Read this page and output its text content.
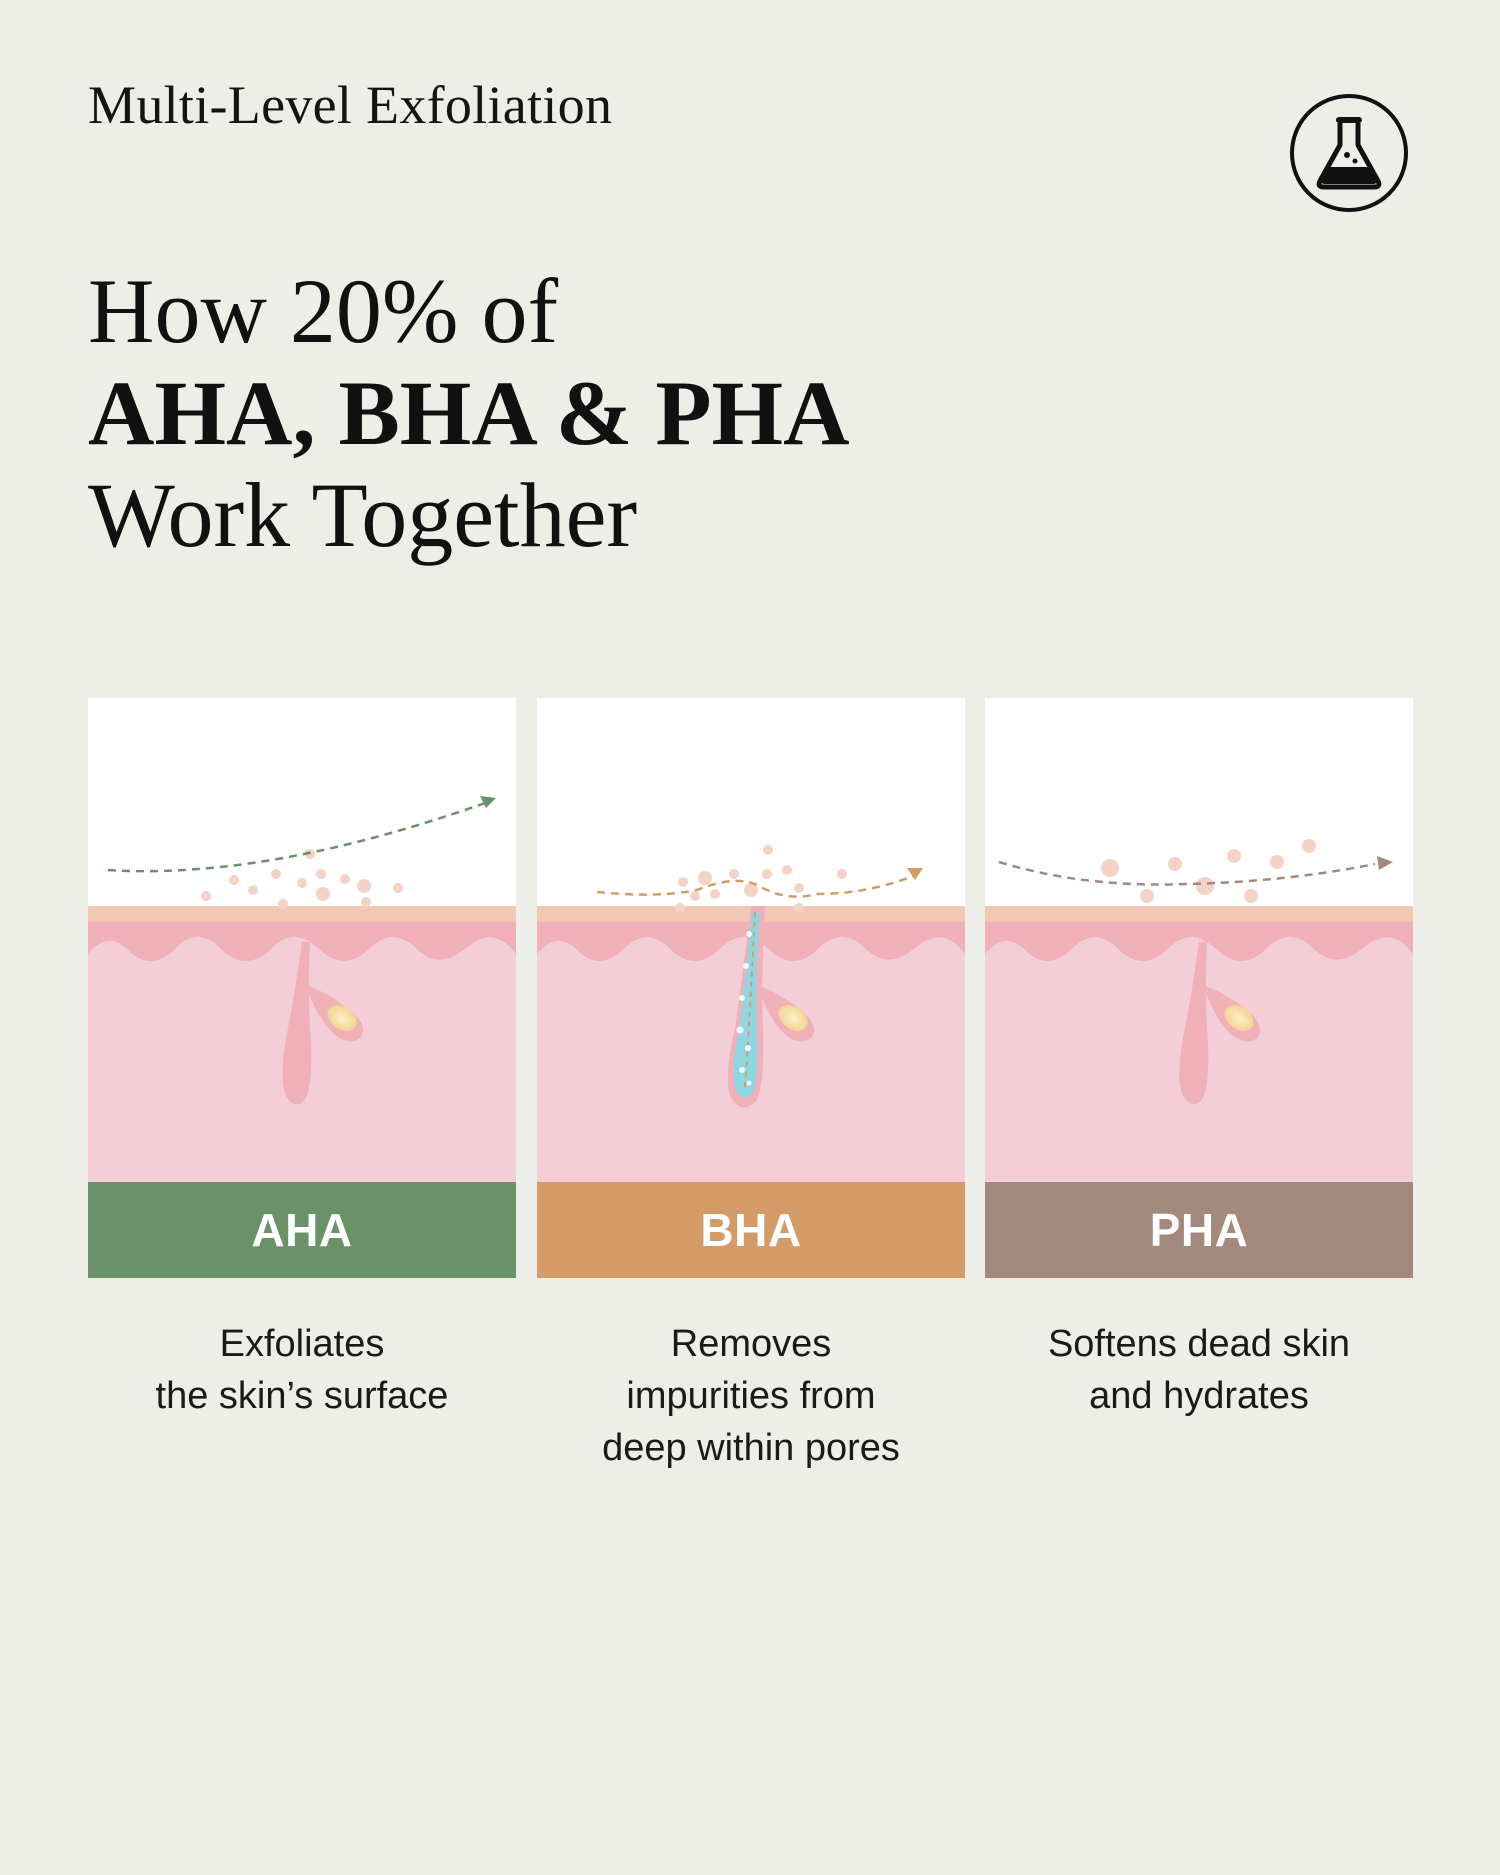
Multi-Level Exfoliation
How 20% of
AHA, BHA & PHA
Work Together
AHA	BHA	PHA
Exfoliates
the skin’s surface
Removes
impurities from
deep within pores
Softens dead skin
and hydrates
